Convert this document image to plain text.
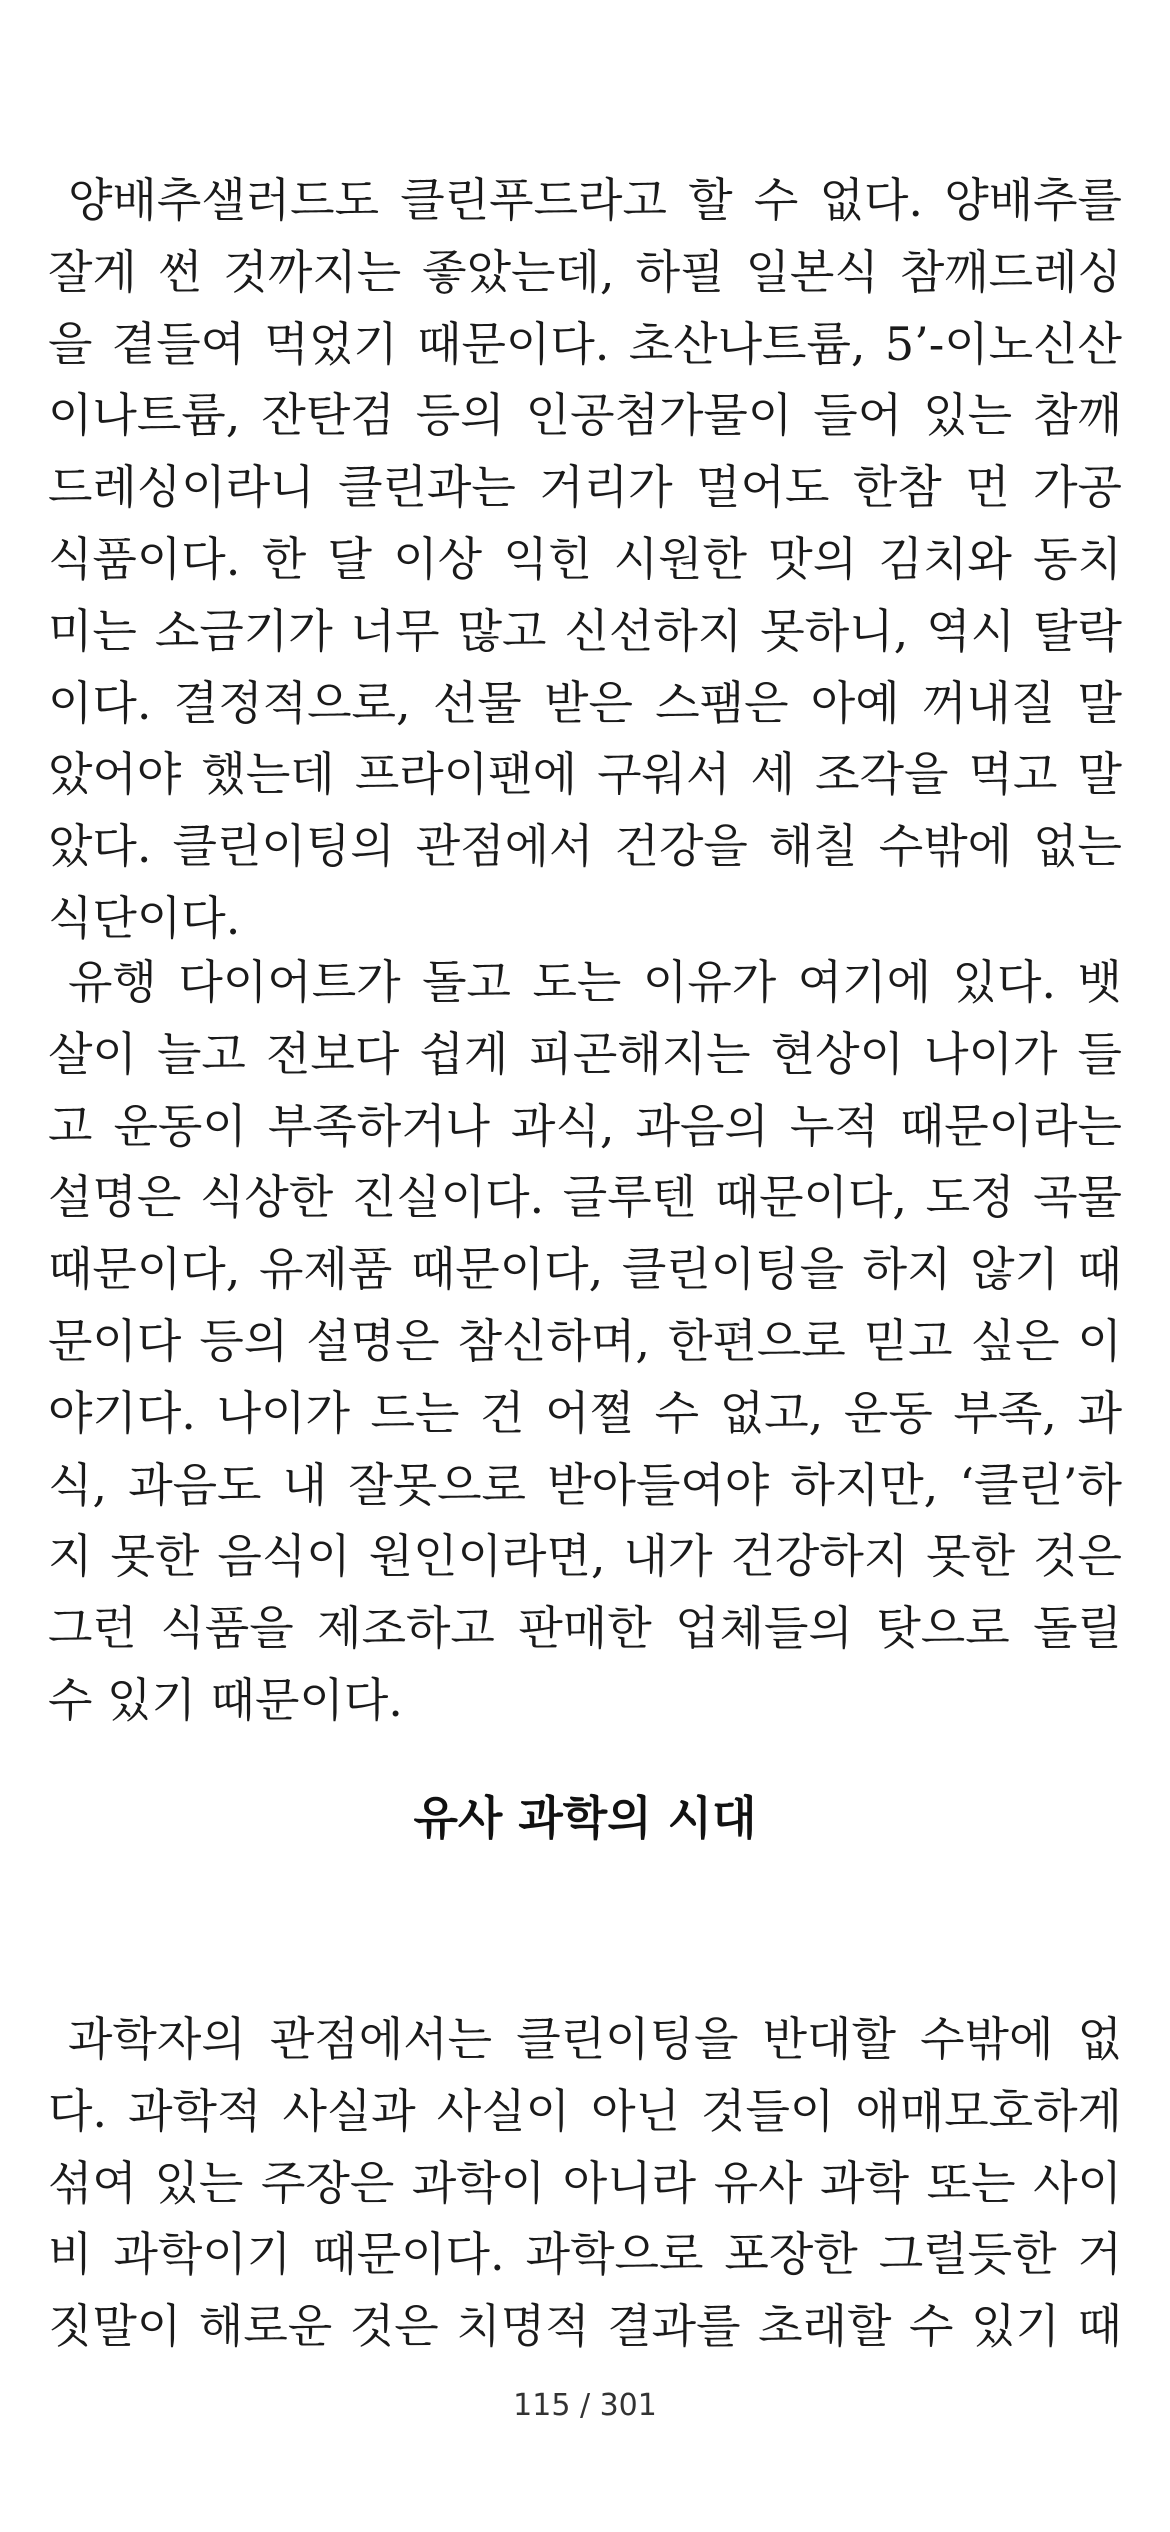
양배추샐러드도 클린푸드라고 할 수 없다. 양배추를
잘게 썬 것까지는 좋았는데, 하필 일본식 참깨드레싱
을 곁들여 먹었기 때문이다. 초산나트륨, 5’-이노신산
이나트륨, 잔탄검 등의 인공첨가물이 들어 있는 참깨
드레싱이라니 클린과는 거리가 멀어도 한참 먼 가공
식품이다. 한 달 이상 익힌 시원한 맛의 김치와 동치
미는 소금기가 너무 많고 신선하지 못하니, 역시 탈락
이다. 결정적으로, 선물 받은 스팸은 아예 꺼내질 말
았어야 했는데 프라이팬에 구워서 세 조각을 먹고 말
았다. 클린이팅의 관점에서 건강을 해칠 수밖에 없는
식단이다.
유행 다이어트가 돌고 도는 이유가 여기에 있다. 뱃
살이 늘고 전보다 쉽게 피곤해지는 현상이 나이가 들
고 운동이 부족하거나 과식, 과음의 누적 때문이라는
설명은 식상한 진실이다. 글루텐 때문이다, 도정 곡물
때문이다, 유제품 때문이다, 클린이팅을 하지 않기 때
문이다 등의 설명은 참신하며, 한편으로 믿고 싶은 이
야기다. 나이가 드는 건 어쩔 수 없고, 운동 부족, 과
식, 과음도 내 잘못으로 받아들여야 하지만, ‘클린’하
지 못한 음식이 원인이라면, 내가 건강하지 못한 것은
그런 식품을 제조하고 판매한 업체들의 탓으로 돌릴
수 있기 때문이다.
유사 과학의 시대
과학자의 관점에서는 클린이팅을 반대할 수밖에 없
다. 과학적 사실과 사실이 아닌 것들이 애매모호하게
섞여 있는 주장은 과학이 아니라 유사 과학 또는 사이
비 과학이기 때문이다. 과학으로 포장한 그럴듯한 거
짓말이 해로운 것은 치명적 결과를 초래할 수 있기 때
115 / 301
